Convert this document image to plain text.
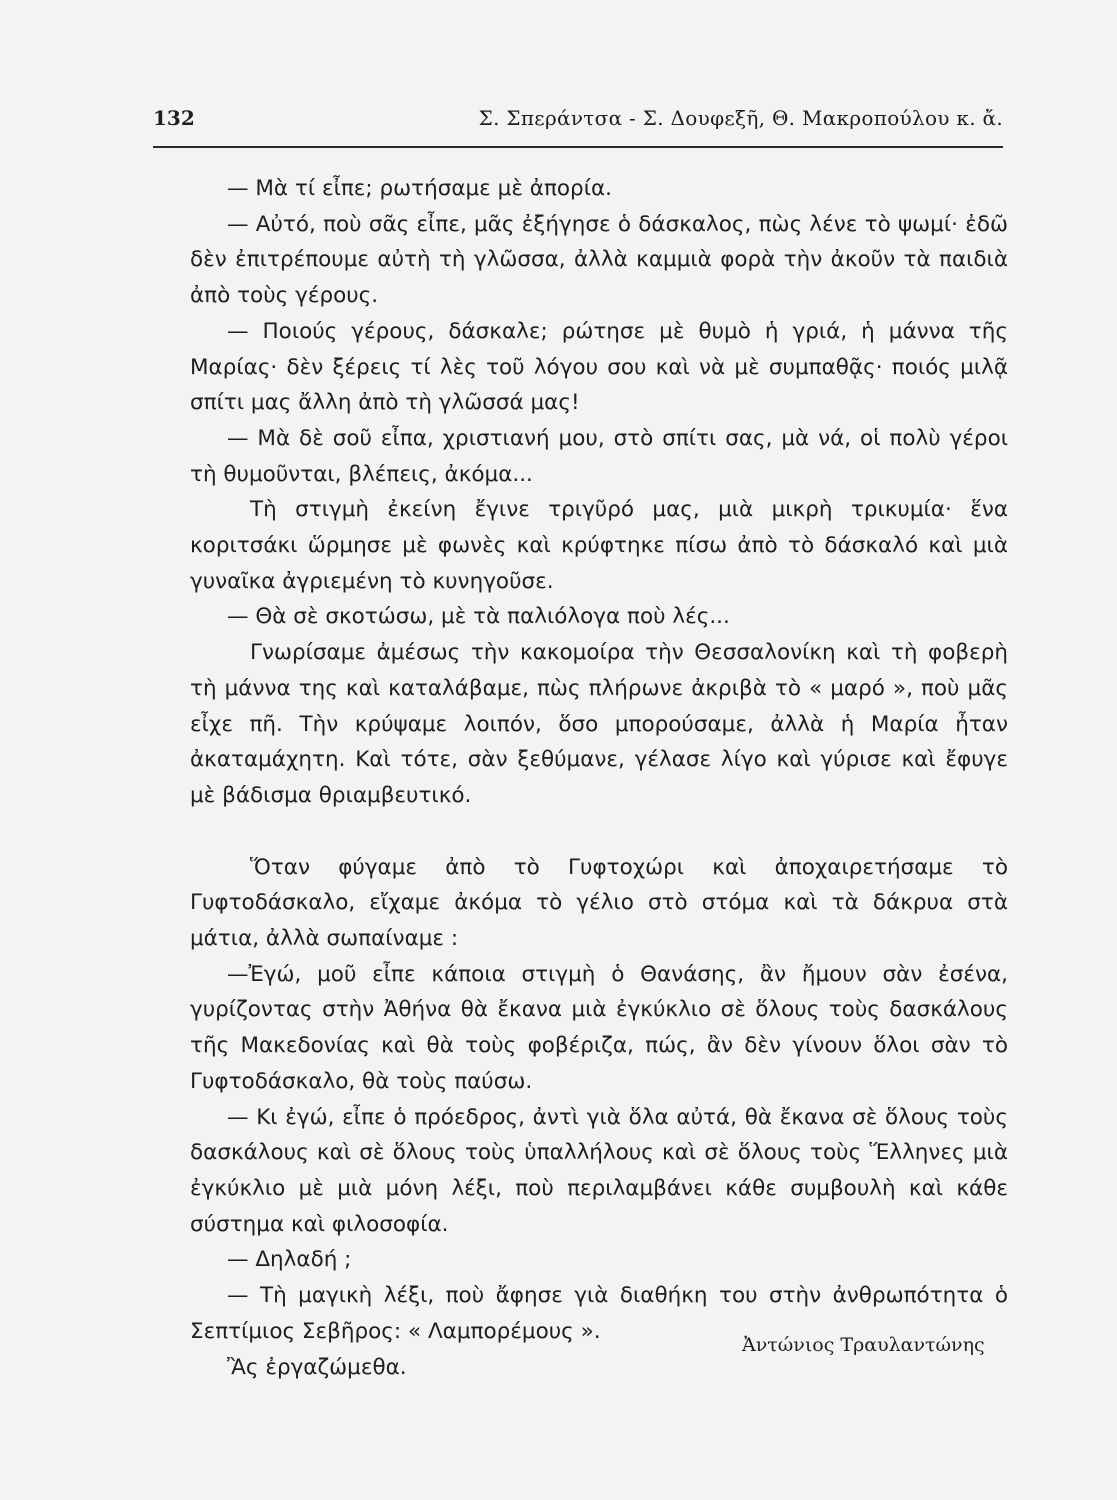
132	Σ. Σπεράντσα - Σ. Δουφεξῆ, Θ. Μακροπούλου κ. ἄ.

— Μὰ τί εἶπε; ρωτήσαμε μὲ ἀπορία.

— Αὐτό, ποὺ σᾶς εἶπε, μᾶς ἐξήγησε ὁ δάσκαλος, πὼς λένε τὸ ψωμί· ἐδῶ δὲν ἐπιτρέπουμε αὐτὴ τὴ γλῶσσα, ἀλλὰ καμμιὰ φορὰ τὴν ἀκοῦν τὰ παιδιὰ ἀπὸ τοὺς γέρους.

— Ποιούς γέρους, δάσκαλε; ρώτησε μὲ θυμὸ ἡ γριά, ἡ μάννα τῆς Μαρίας· δὲν ξέρεις τί λὲς τοῦ λόγου σου καὶ νὰ μὲ συμπαθᾷς· ποιός μιλᾷ σπίτι μας ἄλλη ἀπὸ τὴ γλῶσσά μας!

— Μὰ δὲ σοῦ εἶπα, χριστιανή μου, στὸ σπίτι σας, μὰ νά, οἱ πολὺ γέροι τὴ θυμοῦνται, βλέπεις, ἀκόμα...

Τὴ στιγμὴ ἐκείνη ἔγινε τριγῦρό μας, μιὰ μικρὴ τρικυμία· ἕνα κοριτσάκι ὥρμησε μὲ φωνὲς καὶ κρύφτηκε πίσω ἀπὸ τὸ δάσκαλό καὶ μιὰ γυναῖκα ἀγριεμένη τὸ κυνηγοῦσε.

— Θὰ σὲ σκοτώσω, μὲ τὰ παλιόλογα ποὺ λές...

Γνωρίσαμε ἀμέσως τὴν κακομοίρα τὴν Θεσσαλονίκη καὶ τὴ φοβερὴ τὴ μάννα της καὶ καταλάβαμε, πὼς πλήρωνε ἀκριβὰ τὸ « μαρό », ποὺ μᾶς εἶχε πῆ. Τὴν κρύψαμε λοιπόν, ὅσο μπορούσαμε, ἀλλὰ ἡ Μαρία ἦταν ἀκαταμάχητη. Καὶ τότε, σὰν ξεθύμανε, γέλασε λίγο καὶ γύρισε καὶ ἔφυγε μὲ βάδισμα θριαμβευτικό.

Ὅταν φύγαμε ἀπὸ τὸ Γυφτοχώρι καὶ ἀποχαιρετήσαμε τὸ Γυφτοδάσκαλο, εἴχαμε ἀκόμα τὸ γέλιο στὸ στόμα καὶ τὰ δάκρυα στὰ μάτια, ἀλλὰ σωπαίναμε :

—Ἐγώ, μοῦ εἶπε κάποια στιγμὴ ὁ Θανάσης, ἂν ἤμουν σὰν ἐσένα, γυρίζοντας στὴν Ἀθήνα θὰ ἔκανα μιὰ ἐγκύκλιο σὲ ὅλους τοὺς δασκάλους τῆς Μακεδονίας καὶ θὰ τοὺς φοβέριζα, πώς, ἂν δὲν γίνουν ὅλοι σὰν τὸ Γυφτοδάσκαλο, θὰ τοὺς παύσω.

— Κι ἐγώ, εἶπε ὁ πρόεδρος, ἀντὶ γιὰ ὅλα αὐτά, θὰ ἔκανα σὲ ὅλους τοὺς δασκάλους καὶ σὲ ὅλους τοὺς ὑπαλλήλους καὶ σὲ ὅλους τοὺς Ἕλληνες μιὰ ἐγκύκλιο μὲ μιὰ μόνη λέξι, ποὺ περιλαμβάνει κάθε συμβουλὴ καὶ κάθε σύστημα καὶ φιλοσοφία.

— Δηλαδή ;

— Τὴ μαγικὴ λέξι, ποὺ ἄφησε γιὰ διαθήκη του στὴν ἀνθρωπότητα ὁ Σεπτίμιος Σεβῆρος: « Λαμπορέμους ».

Ἂς ἐργαζώμεθα.

Ἀντώνιος Τραυλαντώνης
